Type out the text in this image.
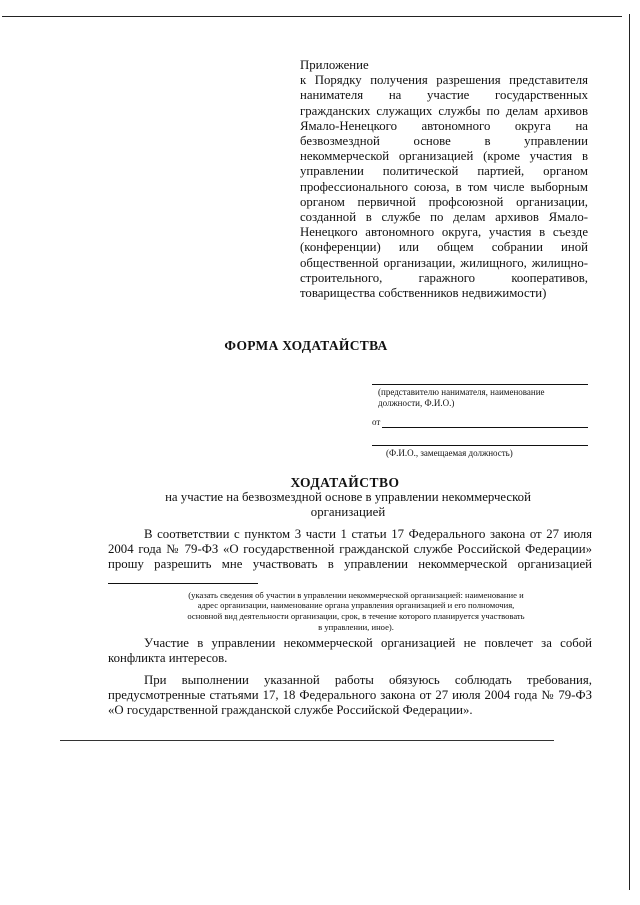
Приложение

к Порядку получения разрешения представителя нанимателя на участие государственных гражданских служащих службы по делам архивов Ямало-Ненецкого автономного округа на безвозмездной основе в управлении некоммерческой организацией (кроме участия в управлении политической партией, органом профессионального союза, в том числе выборным органом первичной профсоюзной организации, созданной в службе по делам архивов Ямало-Ненецкого автономного округа, участия в съезде (конференции) или общем собрании иной общественной организации, жилищного, жилищно-строительного, гаражного кооперативов, товарищества собственников недвижимости)

ФОРМА ХОДАТАЙСТВА
(представителю нанимателя, наименование должности, Ф.И.О.)
от
(Ф.И.О., замещаемая должность)
ХОДАТАЙСТВО
на участие на безвозмездной основе в управлении некоммерческой организацией

В соответствии с пунктом 3 части 1 статьи 17 Федерального закона от 27 июля 2004 года № 79-ФЗ «О государственной гражданской службе Российской Федерации» прошу разрешить мне участвовать в управлении некоммерческой организацией

(указать сведения об участии в управлении некоммерческой организацией: наименование и адрес организации, наименование органа управления организацией и его полномочия, основной вид деятельности организации, срок, в течение которого планируется участвовать в управлении, иное).

Участие в управлении некоммерческой организацией не повлечет за собой конфликта интересов.

При выполнении указанной работы обязуюсь соблюдать требования, предусмотренные статьями 17, 18 Федерального закона от 27 июля 2004 года № 79-ФЗ «О государственной гражданской службе Российской Федерации».
